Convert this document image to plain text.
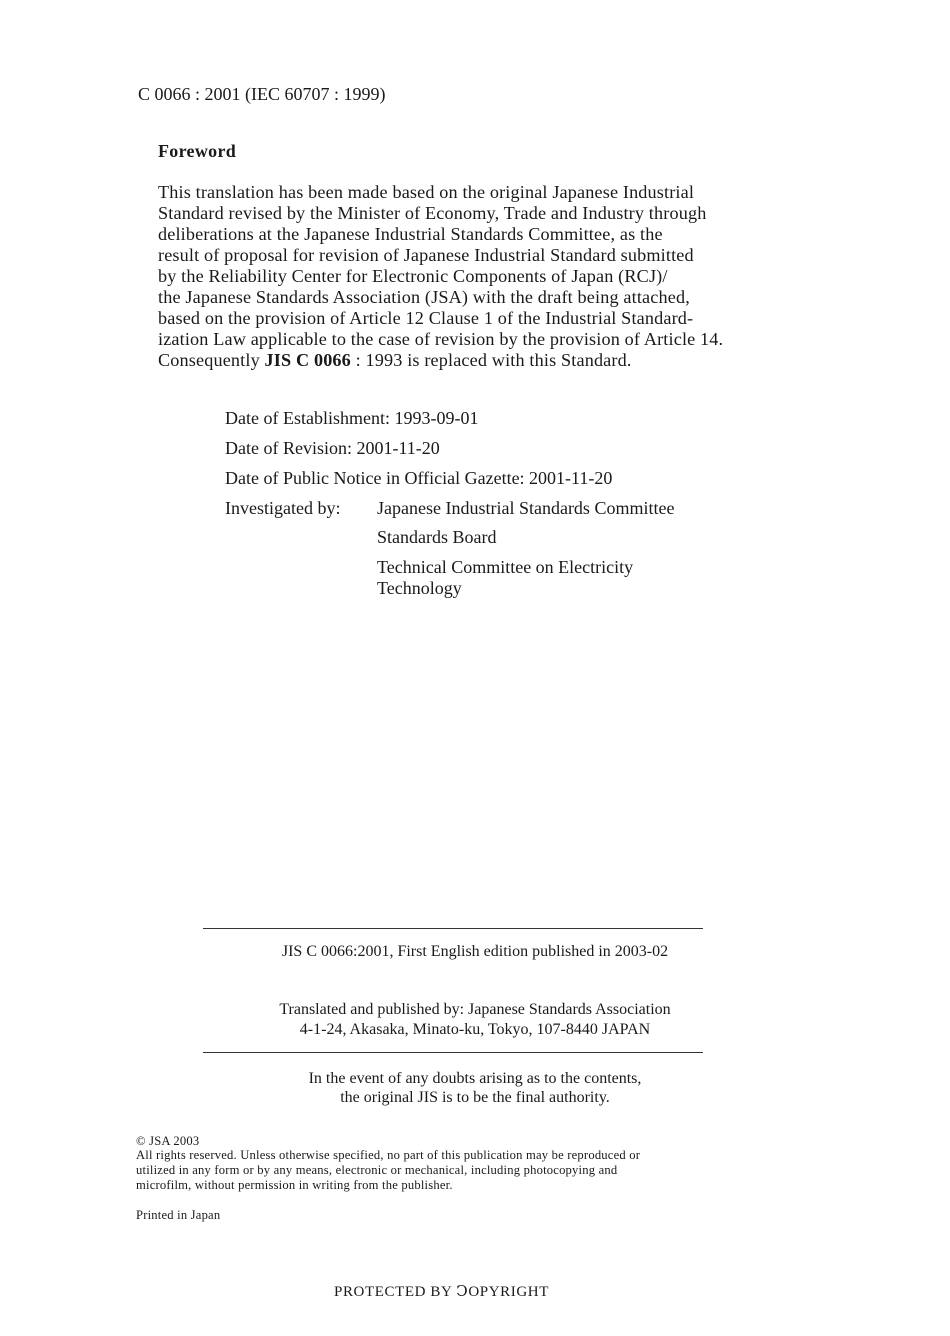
C 0066 : 2001 (IEC 60707 : 1999)
Foreword
This translation has been made based on the original Japanese Industrial
Standard revised by the Minister of Economy, Trade and Industry through
deliberations at the Japanese Industrial Standards Committee, as the
result of proposal for revision of Japanese Industrial Standard submitted
by the Reliability Center for Electronic Components of Japan (RCJ)/
the Japanese Standards Association (JSA) with the draft being attached,
based on the provision of Article 12 Clause 1 of the Industrial Standard-
ization Law applicable to the case of revision by the provision of Article 14.
Consequently JIS C 0066 : 1993 is replaced with this Standard.
Date of Establishment: 1993-09-01
Date of Revision: 2001-11-20
Date of Public Notice in Official Gazette: 2001-11-20
Investigated by: Japanese Industrial Standards Committee
Standards Board
Technical Committee on Electricity
Technology
JIS C 0066:2001, First English edition published in 2003-02
Translated and published by: Japanese Standards Association
4-1-24, Akasaka, Minato-ku, Tokyo, 107-8440 JAPAN
In the event of any doubts arising as to the contents,
the original JIS is to be the final authority.
© JSA 2003
All rights reserved. Unless otherwise specified, no part of this publication may be reproduced or
utilized in any form or by any means, electronic or mechanical, including photocopying and
microfilm, without permission in writing from the publisher.
Printed in Japan
PROTECTED BY ↃOPYRIGHT
